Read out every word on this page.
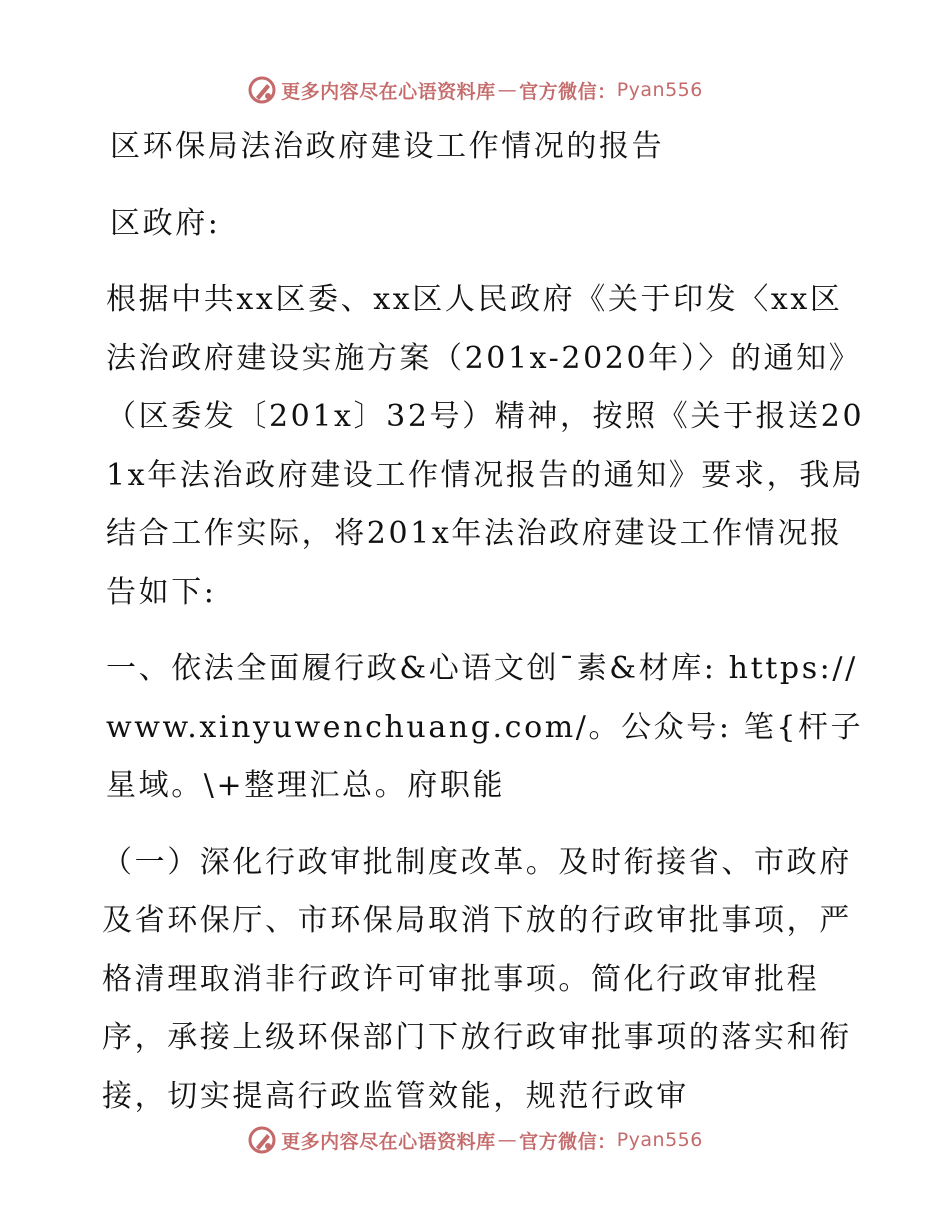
更多内容尽在心语资料库 — 官方微信： Pyan556

区环保局法治政府建设工作情况的报告

区政府:

根据中共xx区委、xx区人民政府《关于印发〈xx区法治政府建设实施方案（201x-2020年）〉的通知》（区委发〔201x〕32号）精神，按照《关于报送201x年法治政府建设工作情况报告的通知》要求，我局结合工作实际，将201x年法治政府建设工作情况报告如下:

一、依法全面履行政&心语文创¯素&材库: https://www.xinyuwenchuang.com/。公众号: 笔{杆子星域。\+整理汇总。府职能

（一）深化行政审批制度改革。及时衔接省、市政府及省环保厅、市环保局取消下放的行政审批事项，严格清理取消非行政许可审批事项。简化行政审批程序，承接上级环保部门下放行政审批事项的落实和衔接，切实提高行政监管效能，规范行政审

更多内容尽在心语资料库 — 官方微信： Pyan556
